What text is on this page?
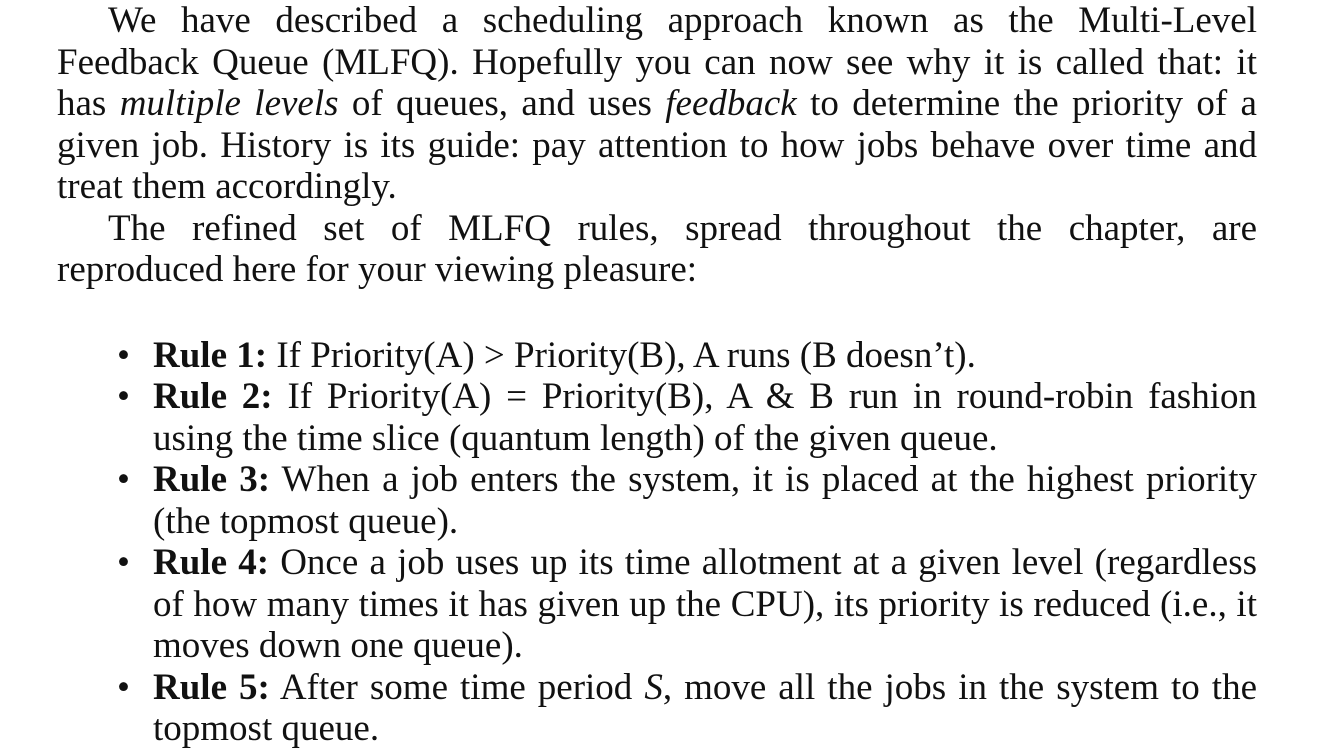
We have described a scheduling approach known as the Multi-Level Feedback Queue (MLFQ). Hopefully you can now see why it is called that: it has multiple levels of queues, and uses feedback to determine the priority of a given job. History is its guide: pay attention to how jobs behave over time and treat them accordingly.

The refined set of MLFQ rules, spread throughout the chapter, are reproduced here for your viewing pleasure:

• Rule 1: If Priority(A) > Priority(B), A runs (B doesn’t).
• Rule 2: If Priority(A) = Priority(B), A & B run in round-robin fashion using the time slice (quantum length) of the given queue.
• Rule 3: When a job enters the system, it is placed at the highest priority (the topmost queue).
• Rule 4: Once a job uses up its time allotment at a given level (regardless of how many times it has given up the CPU), its priority is reduced (i.e., it moves down one queue).
• Rule 5: After some time period S, move all the jobs in the system to the topmost queue.
